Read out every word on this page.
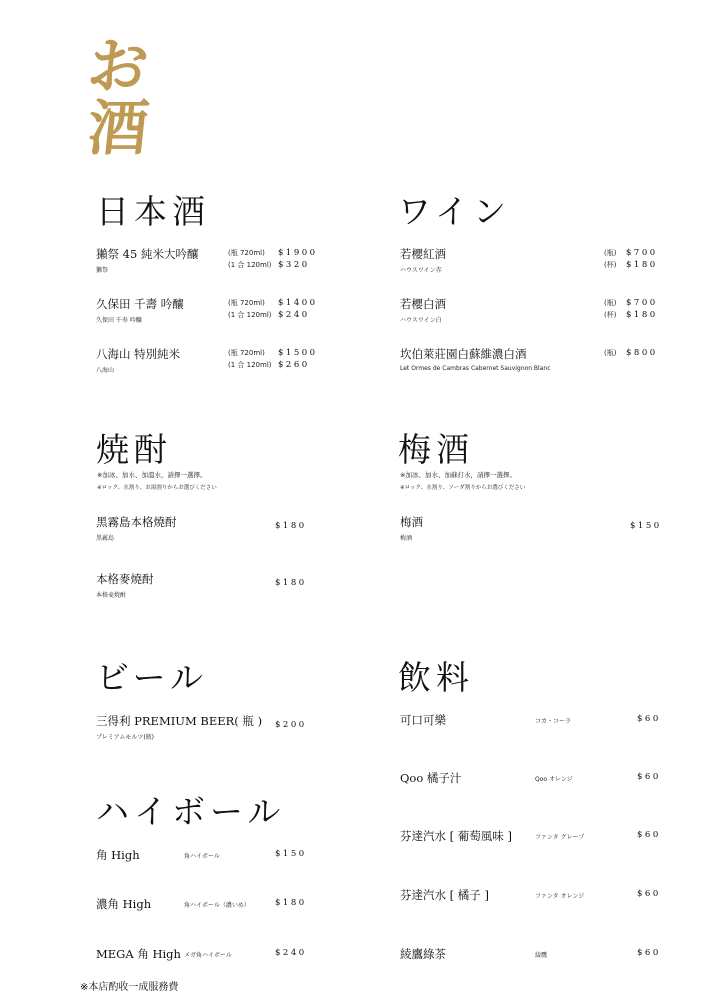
お
酒
日本酒
獺祭 45 純米大吟釀
獺祭
(瓶 720ml) $1900
(1 合 120ml) $320
久保田 千壽 吟釀
久保田 千寿 吟醸
(瓶 720ml) $1400
(1 合 120ml) $240
八海山 特別純米
八海山
(瓶 720ml) $1500
(1 合 120ml) $260
ワイン
若櫻紅酒
ハウスワイン赤
(瓶) $700
(杯) $180
若櫻白酒
ハウスワイン白
(瓶) $700
(杯) $180
坎伯萊莊園白蘇維濃白酒
Let Ormes de Cambras Cabernet Sauvignon Blanc
(瓶) $800
焼酎
※加冰、加水、加溫水，請擇一選擇。
※ロック、水割り、お湯割りからお選びください
黑霧島本格燒酎
黒霧島
$180
本格麥燒酎
本格麦焼酎
$180
梅酒
※加冰、加水、加蘇打水，請擇一選擇。
※ロック、水割り、ソーダ割りからお選びください
梅酒
梅酒
$150
ビール
三得利 PREMIUM BEER( 瓶 )
プレミアムモルツ(瓶)
$200
ハイボール
角 High	角ハイボール	$150
濃角 High	角ハイボール（濃いめ）	$180
MEGA 角 High メガ角ハイボール	$240
飲料
可口可樂	コカ・コーラ	$60
Qoo 橘子汁	Qoo オレンジ	$60
芬達汽水 [ 葡萄風味 ]	ファンタ グレープ	$60
芬達汽水 [ 橘子 ]	ファンタ オレンジ	$60
綾鷹綠茶	綾鷹	$60
※本店酌收一成服務費
